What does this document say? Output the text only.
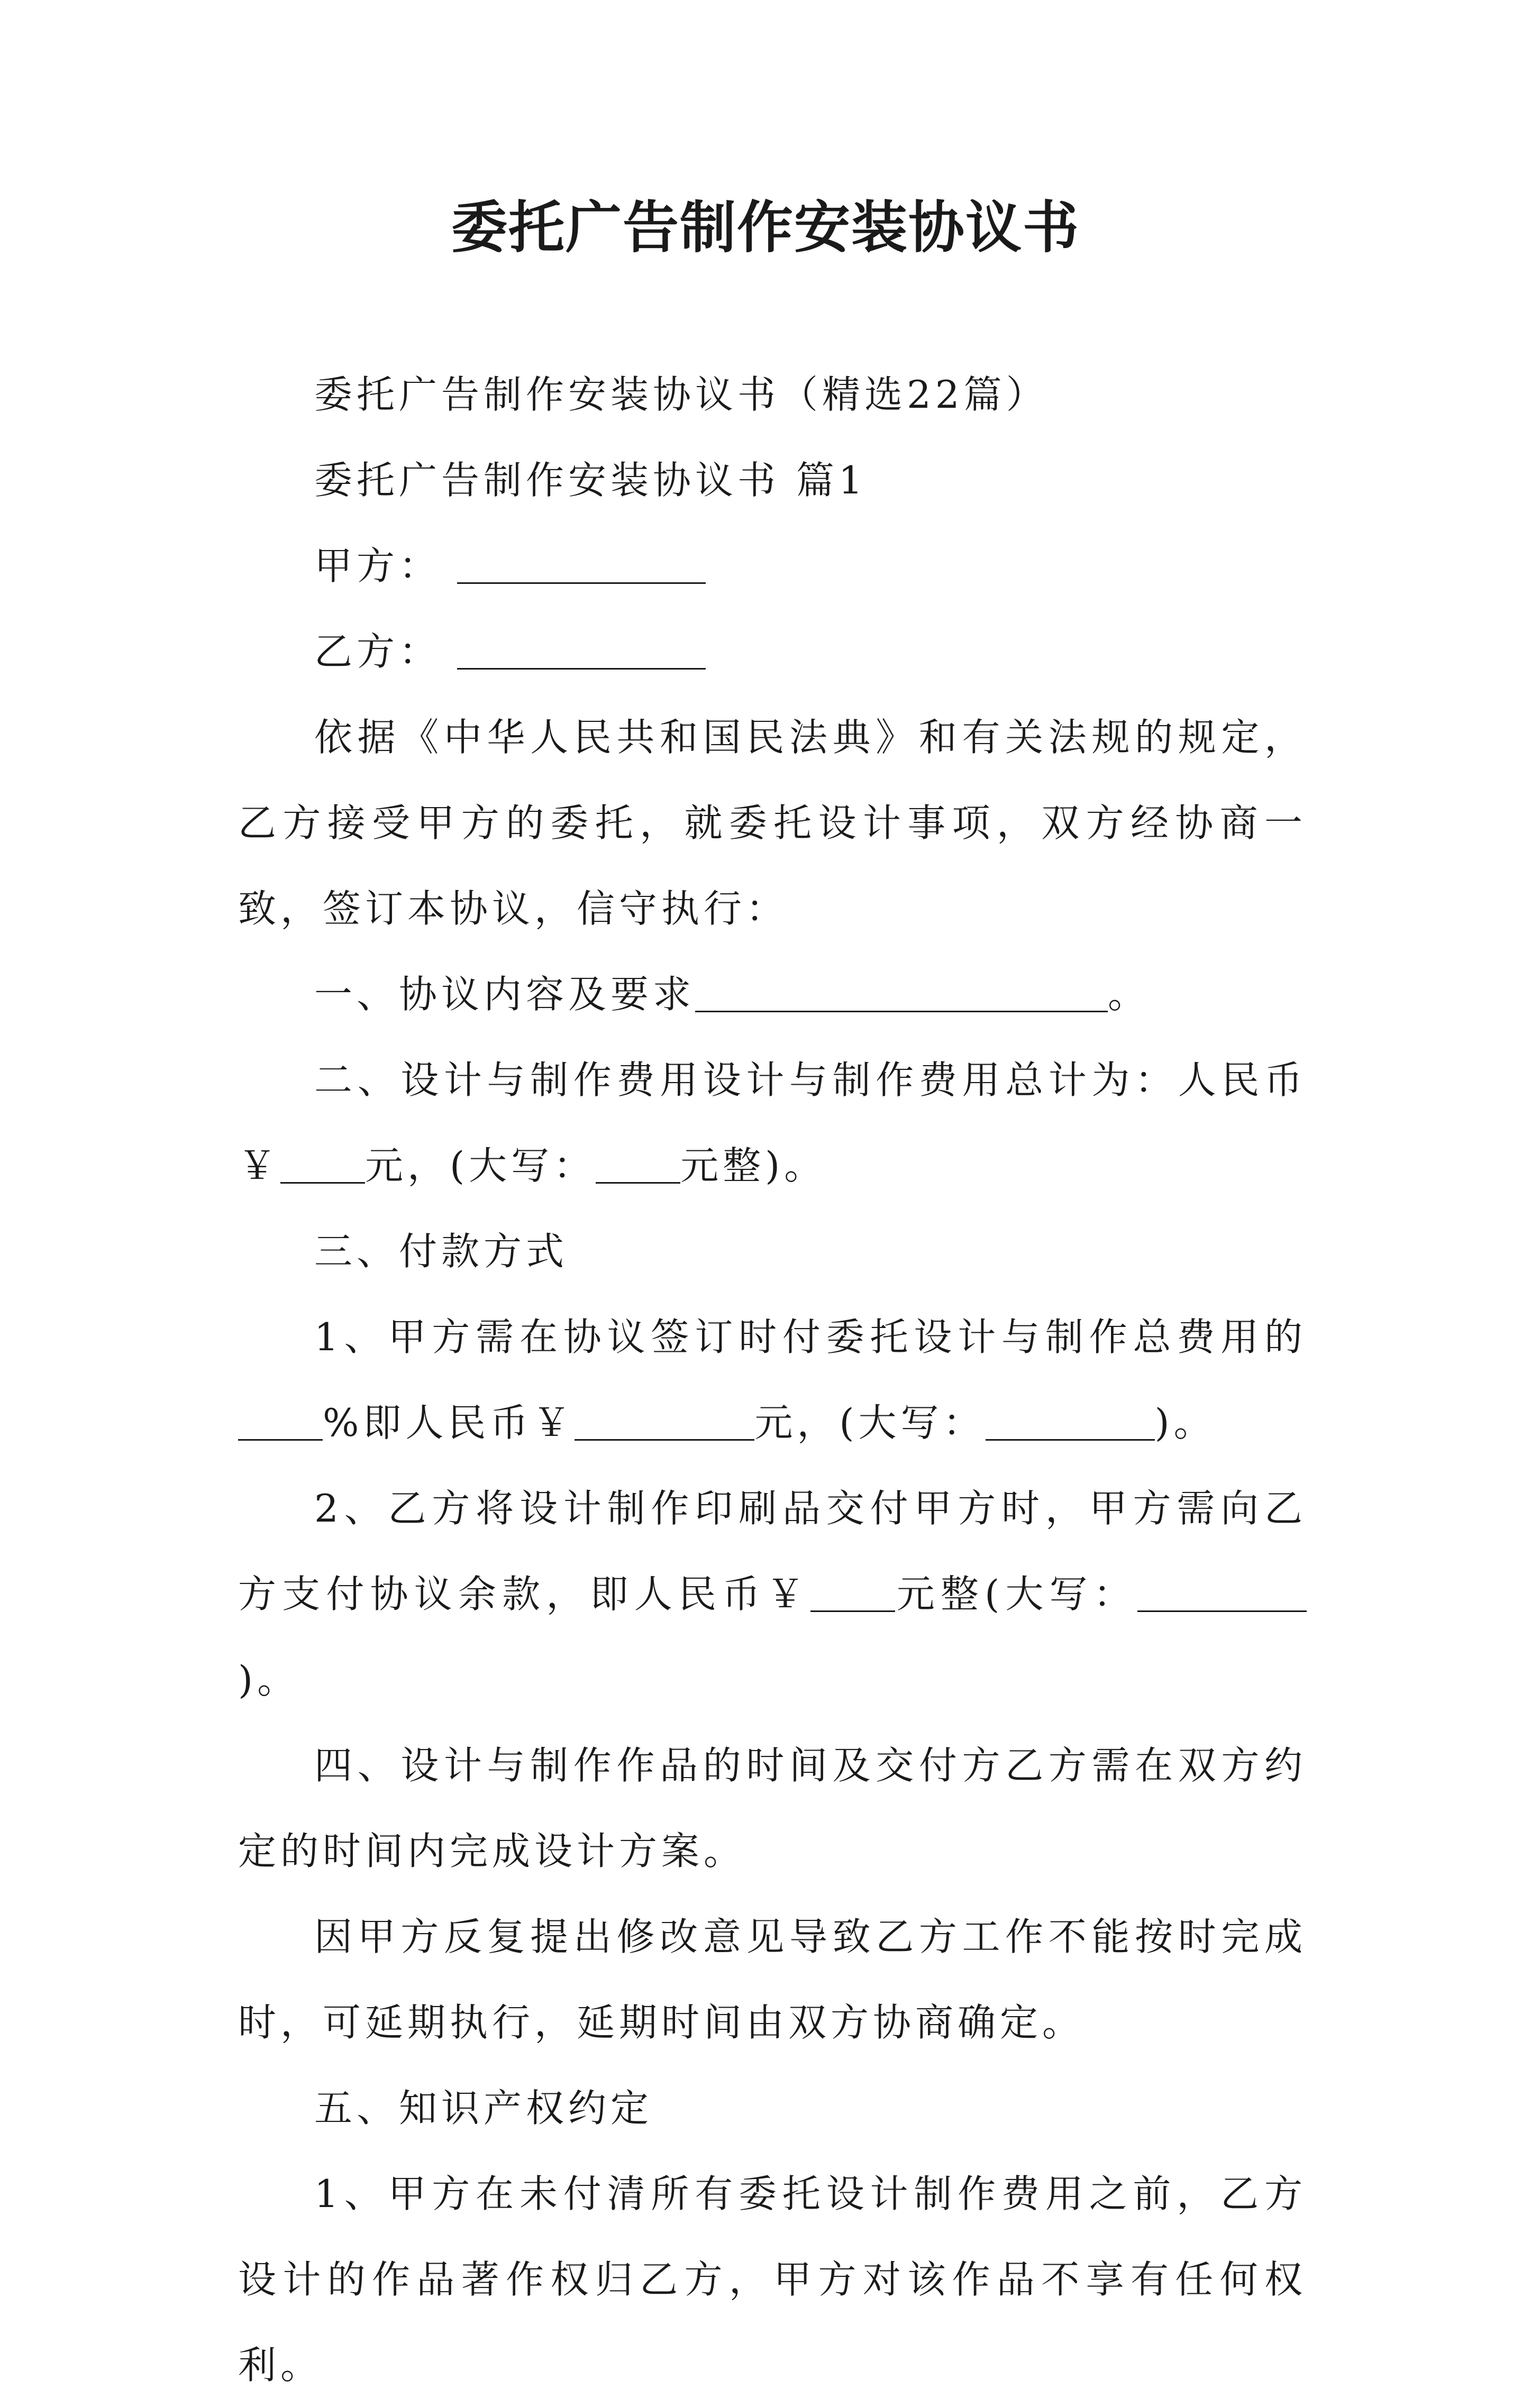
委托广告制作安装协议书

委托广告制作安装协议书（精选22篇）

委托广告制作安装协议书 篇1

甲方：

乙方：

依据《中华人民共和国民法典》和有关法规的规定，乙方接受甲方的委托，就委托设计事项，双方经协商一致，签订本协议，信守执行：

一、协议内容及要求	。

二、设计与制作费用设计与制作费用总计为：人民币￥ 元，(大写： 元整)。

三、付款方式

1、甲方需在协议签订时付委托设计与制作总费用的%即人民币￥	元，(大写：	)。

2、乙方将设计制作印刷品交付甲方时，甲方需向乙方支付协议余款，即人民币￥ 元整(大写：)。

四、设计与制作作品的时间及交付方乙方需在双方约定的时间内完成设计方案。

因甲方反复提出修改意见导致乙方工作不能按时完成时，可延期执行，延期时间由双方协商确定。

五、知识产权约定

1、甲方在未付清所有委托设计制作费用之前，乙方设计的作品著作权归乙方，甲方对该作品不享有任何权利。
